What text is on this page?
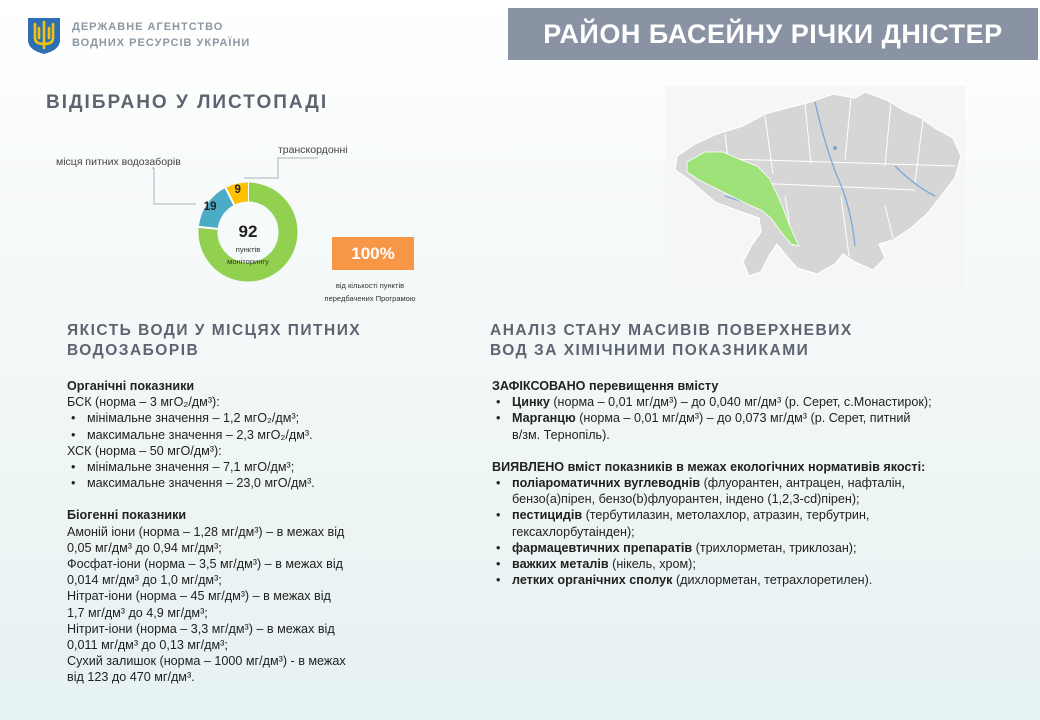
ДЕРЖАВНЕ АГЕНТСТВО
ВОДНИХ РЕСУРСІВ УКРАЇНИ	РАЙОН БАСЕЙНУ РІЧКИ ДНІСТЕР
ВІДІБРАНО У ЛИСТОПАДІ
19
9
92
пунктів
моніторингу
місця питних водозаборів
транскордонні
100%
від кількості пунктів
передбачених Програмою
ЯКІСТЬ ВОДИ У МІСЦЯХ ПИТНИХ
ВОДОЗАБОРІВ

Органічні показники

БСК (норма – 3 мгО₂/дм³):

• мінімальне значення – 1,2 мгО₂/дм³;

• максимальне значення – 2,3 мгО₂/дм³.

ХСК (норма – 50 мгО/дм³):

• мінімальне значення – 7,1 мгО/дм³;

• максимальне значення – 23,0 мгО/дм³.

Біогенні показники

Амоній іони (норма – 1,28 мг/дм³) – в межах від

0,05 мг/дм³ до 0,94 мг/дм³;

Фосфат-іони (норма – 3,5 мг/дм³) – в межах від

0,014 мг/дм³ до 1,0 мг/дм³;

Нітрат-іони (норма – 45 мг/дм³) – в межах від

1,7 мг/дм³ до 4,9 мг/дм³;

Нітрит-іони (норма – 3,3 мг/дм³) – в межах від

0,011 мг/дм³ до 0,13 мг/дм³;

Сухий залишок (норма – 1000 мг/дм³) - в межах

від 123 до 470 мг/дм³.

АНАЛІЗ СТАНУ МАСИВІВ ПОВЕРХНЕВИХ
ВОД ЗА ХІМІЧНИМИ ПОКАЗНИКАМИ

ЗАФІКСОВАНО перевищення вмісту

• Цинку (норма – 0,01 мг/дм³) – до 0,040 мг/дм³ (р. Серет, с.Монастирок);

• Марганцю (норма – 0,01 мг/дм³) – до 0,073 мг/дм³ (р. Серет, питний

в/зм. Тернопіль).

ВИЯВЛЕНО вміст показників в межах екологічних нормативів якості:

• поліароматичних вуглеводнів (флуорантен, антрацен, нафталін,

бензо(а)пірен, бензо(b)флуорантен, індено (1,2,3-cd)пірен);

• пестицидів (тербутилазин, метолахлор, атразин, тербутрин,

гексахлорбутаінден);

• фармацевтичних препаратів (трихлорметан, триклозан);

• важких металів (нікель, хром);

• летких органічних сполук (дихлорметан, тетрахлоретилен).
